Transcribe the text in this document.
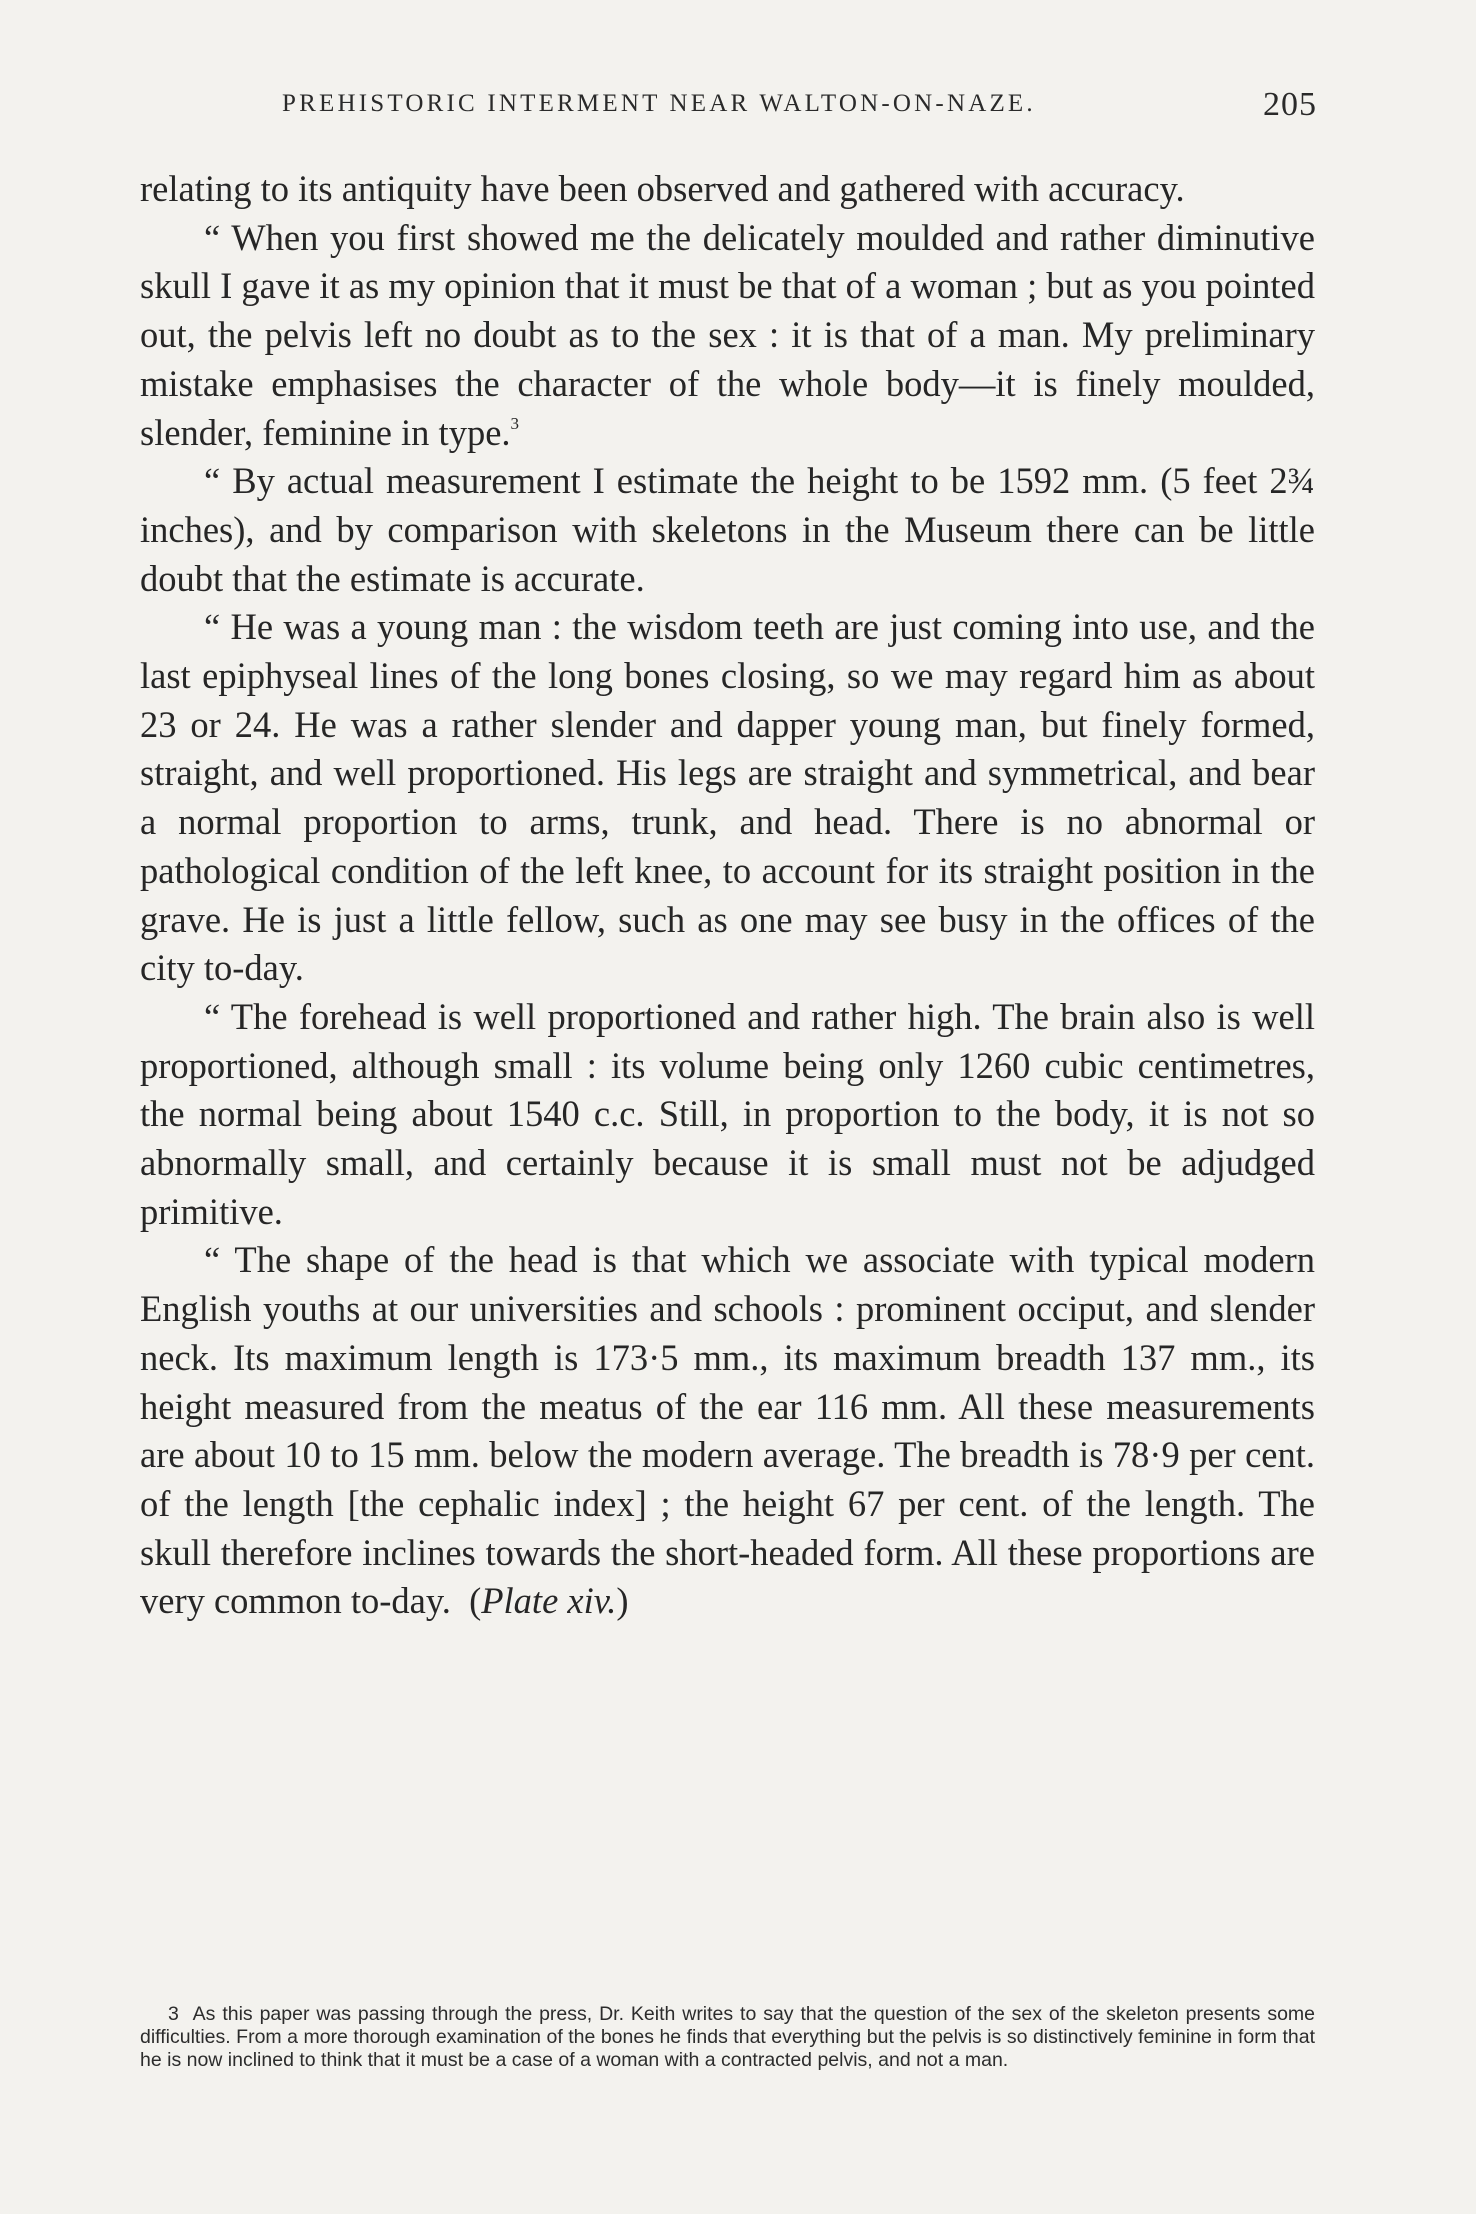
PREHISTORIC INTERMENT NEAR WALTON-ON-NAZE.	205

relating to its antiquity have been observed and gathered with accuracy.

“ When you first showed me the delicately moulded and rather diminutive skull I gave it as my opinion that it must be that of a woman ; but as you pointed out, the pelvis left no doubt as to the sex : it is that of a man. My preliminary mistake emphasises the character of the whole body—it is finely moulded, slender, feminine in type.$^3$

“ By actual measurement I estimate the height to be 1592 mm. (5 feet 2¾ inches), and by comparison with skeletons in the Museum there can be little doubt that the estimate is accurate.

“ He was a young man : the wisdom teeth are just coming into use, and the last epiphyseal lines of the long bones closing, so we may regard him as about 23 or 24. He was a rather slender and dapper young man, but finely formed, straight, and well proportioned. His legs are straight and symmetrical, and bear a normal proportion to arms, trunk, and head. There is no abnormal or pathological condition of the left knee, to account for its straight position in the grave. He is just a little fellow, such as one may see busy in the offices of the city to-day.

“ The forehead is well proportioned and rather high. The brain also is well proportioned, although small : its volume being only 1260 cubic centimetres, the normal being about 1540 c.c. Still, in proportion to the body, it is not so abnormally small, and certainly because it is small must not be adjudged primitive.

“ The shape of the head is that which we associate with typical modern English youths at our universities and schools : prominent occiput, and slender neck. Its maximum length is 173·5 mm., its maximum breadth 137 mm., its height measured from the meatus of the ear 116 mm. All these measurements are about 10 to 15 mm. below the modern average. The breadth is 78·9 per cent. of the length [the cephalic index] ; the height 67 per cent. of the length. The skull therefore inclines towards the short-headed form. All these proportions are very common to-day. (Plate xiv.)

3 As this paper was passing through the press, Dr. Keith writes to say that the question of the sex of the skeleton presents some difficulties. From a more thorough examination of the bones he finds that everything but the pelvis is so distinctively feminine in form that he is now inclined to think that it must be a case of a woman with a contracted pelvis, and not a man.
